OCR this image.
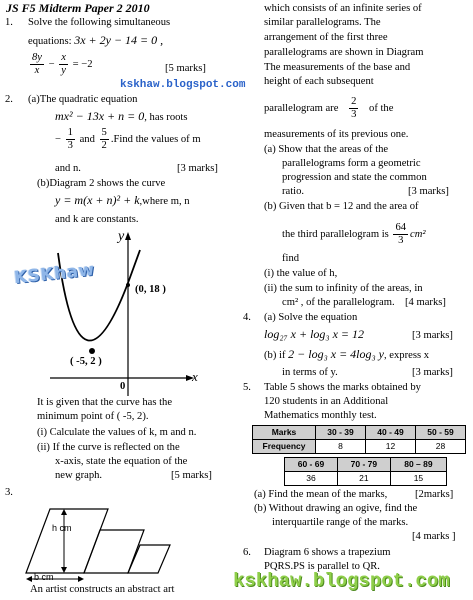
JS F5 Midterm Paper 2 2010
1. Solve the following simultaneous
equations: 3x + 2y − 14 = 0 ,
$\frac{8y}{x} - \frac{x}{y} = -2$	[5 marks]
kskhaw.blogspot.com
2. (a)The quadratic equation
mx² − 13x + n = 0, has roots
− $\frac{1}{3}$ and $\frac{5}{2}$ .Find the values of m
and n.	[3 marks]
(b)Diagram 2 shows the curve
y = m(x + n)² + k,where m, n
and k are constants.
y
x
0
(0, 18 )
( -5, 2 )
KSKhaw
It is given that the curve has the
minimum point of ( -5, 2).
(i) Calculate the values of k, m and n.
(ii) If the curve is reflected on the
x-axis, state the equation of the
new graph.	[5 marks]
3.
h cm
b cm
An artist constructs an abstract art
which consists of an infinite series of
similar parallelograms. The
arrangement of the first three
parallelograms are shown in Diagram
The measurements of the base and
height of each subsequent
parallelogram are $\frac{2}{3}$ of the
measurements of its previous one.
(a) Show that the areas of the
parallelograms form a geometric
progression and state the common
ratio.	[3 marks]
(b) Given that b = 12 and the area of
the third parallelogram is $\frac{64}{3} cm^2$
find
(i) the value of h,
(ii) the sum to infinity of the areas, in
cm² , of the parallelogram. [4 marks]
4. (a) Solve the equation
log₂₇ x + log₃ x = 12	[3 marks]
(b) if 2 − log₃ x = 4log₃ y, express x
in terms of y.	[3 marks]
5. Table 5 shows the marks obtained by
120 students in an Additional
Mathematics monthly test.
Marks	30 - 39	40 - 49	50 - 59
Frequency	8	12	28
60 - 69	70 - 79	80 – 89
36	21	15
(a) Find the mean of the marks,	[2marks]
(b) Without drawing an ogive, find the
interquartile range of the marks.
[4 marks ]
6. Diagram 6 shows a trapezium
PQRS.PS is parallel to QR.
kskhaw.blogspot.com
